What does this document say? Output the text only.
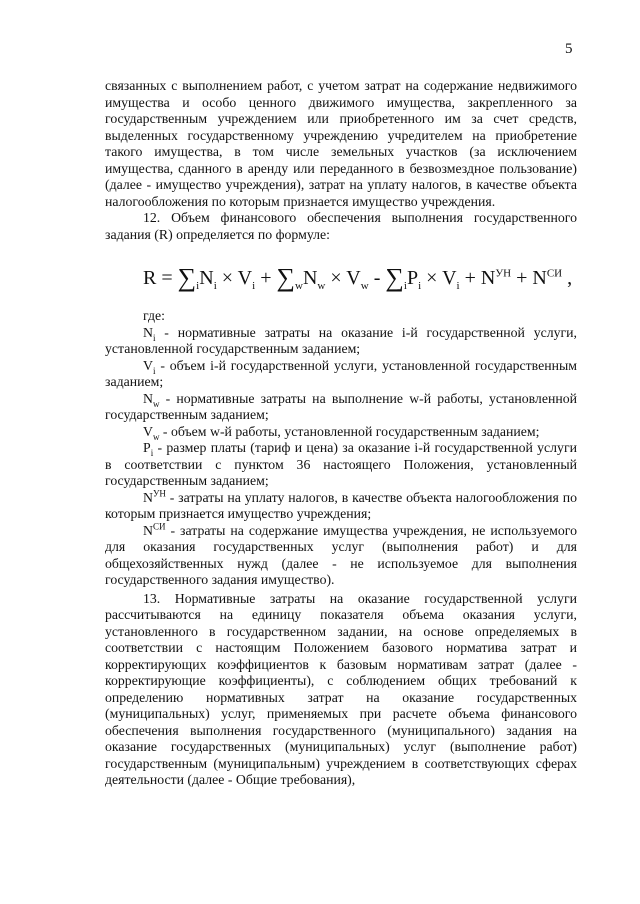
5

связанных с выполнением работ, с учетом затрат на содержание недвижимого имущества и особо ценного движимого имущества, закрепленного за государственным учреждением или приобретенного им за счет средств, выделенных государственному учреждению учредителем на приобретение такого имущества, в том числе земельных участков (за исключением имущества, сданного в аренду или переданного в безвозмездное пользование) (далее - имущество учреждения), затрат на уплату налогов, в качестве объекта налогообложения по которым признается имущество учреждения.

12. Объем финансового обеспечения выполнения государственного задания (R) определяется по формуле:

$R = \sum_iN_i \times V_i + \sum_wN_w \times V_w - \sum_iP_i \times V_i + N^{УН} + N^{СИ}$ ,

где:

$N_i$ - нормативные затраты на оказание i-й государственной услуги, установленной государственным заданием;

$V_i$ - объем i-й государственной услуги, установленной государственным заданием;

$N_w$ - нормативные затраты на выполнение w-й работы, установленной государственным заданием;

$V_w$ - объем w-й работы, установленной государственным заданием;

$P_i$ - размер платы (тариф и цена) за оказание i-й государственной услуги в соответствии с пунктом 36 настоящего Положения, установленный государственным заданием;

$N^{УН}$ - затраты на уплату налогов, в качестве объекта налогообложения по которым признается имущество учреждения;

$N^{СИ}$ - затраты на содержание имущества учреждения, не используемого для оказания государственных услуг (выполнения работ) и для общехозяйственных нужд (далее - не используемое для выполнения государственного задания имущество).

13. Нормативные затраты на оказание государственной услуги рассчитываются на единицу показателя объема оказания услуги, установленного в государственном задании, на основе определяемых в соответствии с настоящим Положением базового норматива затрат и корректирующих коэффициентов к базовым нормативам затрат (далее - корректирующие коэффициенты), с соблюдением общих требований к определению нормативных затрат на оказание государственных (муниципальных) услуг, применяемых при расчете объема финансового обеспечения выполнения государственного (муниципального) задания на оказание государственных (муниципальных) услуг (выполнение работ) государственным (муниципальным) учреждением в соответствующих сферах деятельности (далее - Общие требования),
